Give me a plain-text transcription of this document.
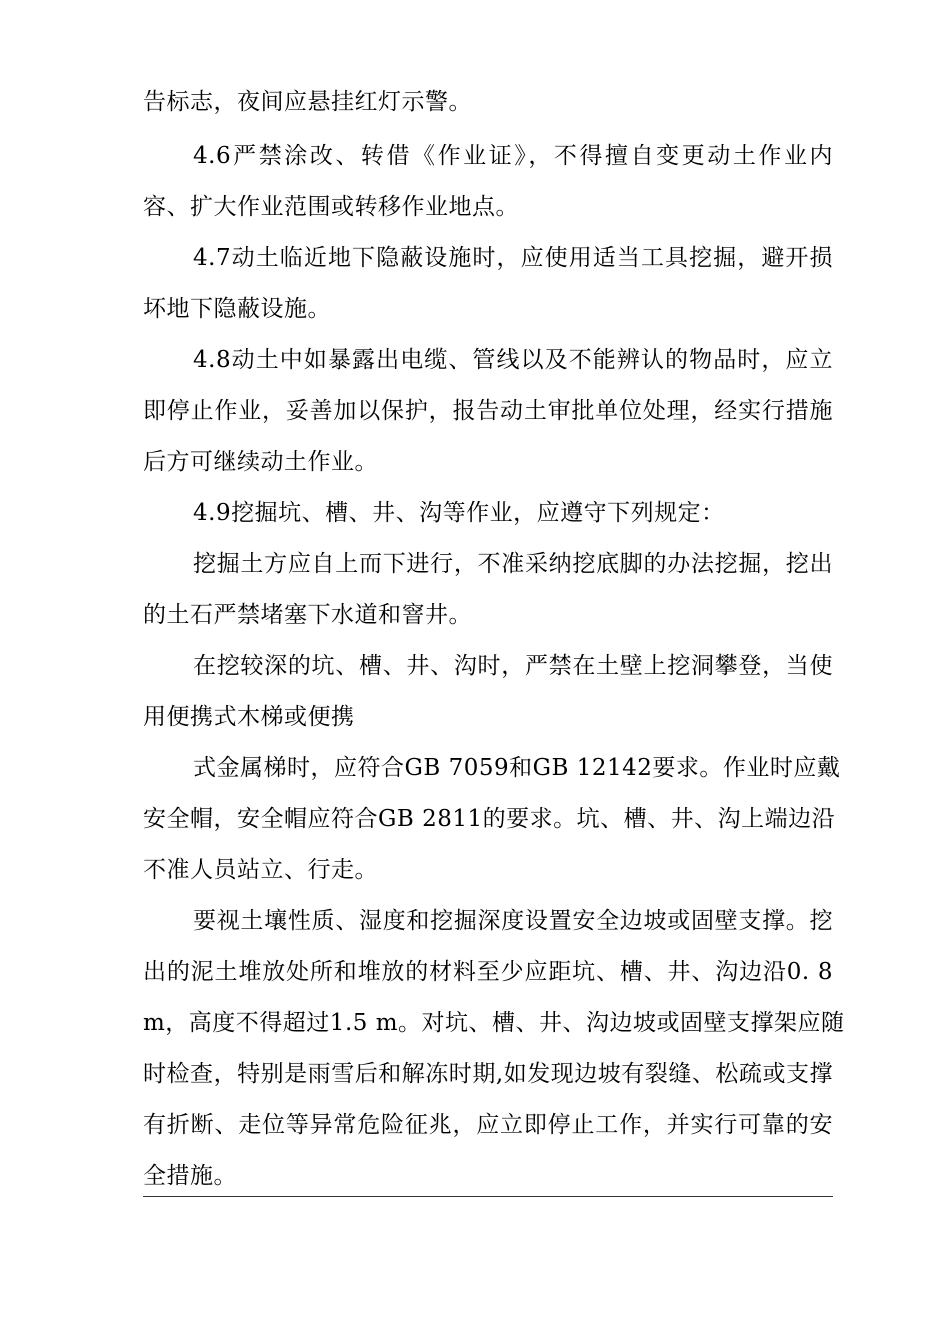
告标志，夜间应悬挂红灯示警。
4.6严禁涂改、转借《作业证》，不得擅自变更动土作业内
容、扩大作业范围或转移作业地点。
4.7动土临近地下隐蔽设施时，应使用适当工具挖掘，避开损
坏地下隐蔽设施。
4.8动土中如暴露出电缆、管线以及不能辨认的物品时，应立
即停止作业，妥善加以保护，报告动土审批单位处理，经实行措施
后方可继续动土作业。
4.9挖掘坑、槽、井、沟等作业，应遵守下列规定：
挖掘土方应自上而下进行，不准采纳挖底脚的办法挖掘，挖出
的土石严禁堵塞下水道和窨井。
在挖较深的坑、槽、井、沟时，严禁在土壁上挖洞攀登，当使
用便携式木梯或便携
式金属梯时，应符合GB 7059和GB 12142要求。作业时应戴
安全帽，安全帽应符合GB 2811的要求。坑、槽、井、沟上端边沿
不准人员站立、行走。
要视土壤性质、湿度和挖掘深度设置安全边坡或固壁支撑。挖
出的泥土堆放处所和堆放的材料至少应距坑、槽、井、沟边沿0. 8
m，高度不得超过1.5 m。对坑、槽、井、沟边坡或固壁支撑架应随
时检查，特别是雨雪后和解冻时期,如发现边坡有裂缝、松疏或支撑
有折断、走位等异常危险征兆，应立即停止工作，并实行可靠的安
全措施。
